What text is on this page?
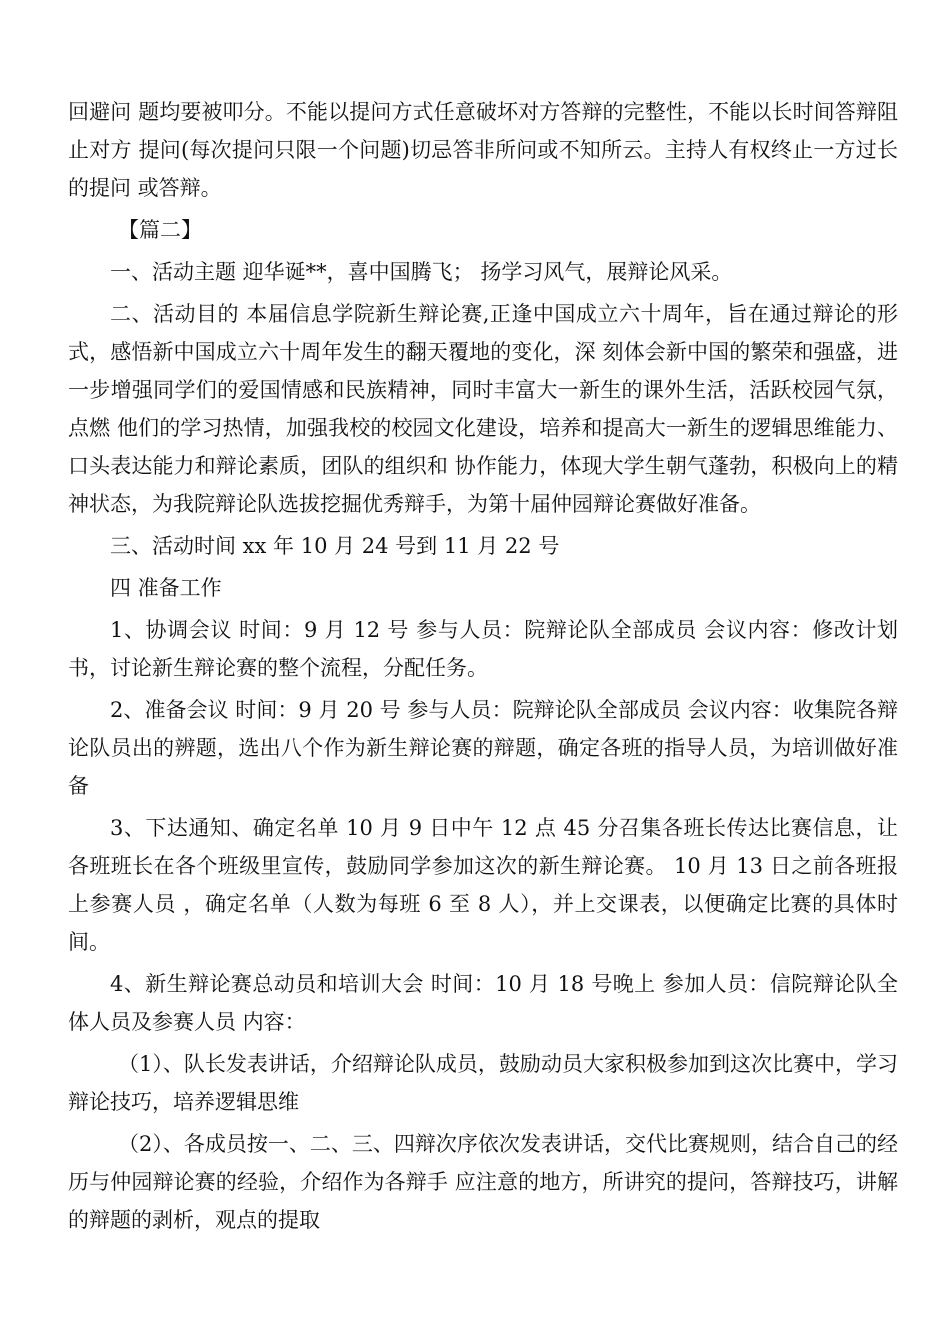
回避问 题均要被叩分。不能以提问方式任意破坏对方答辩的完整性，不能以长时间答辩阻止对方 提问(每次提问只限一个问题)切忌答非所问或不知所云。主持人有权终止一方过长的提问 或答辩。

【篇二】

一、活动主题 迎华诞**，喜中国腾飞； 扬学习风气，展辩论风采。

二、活动目的 本届信息学院新生辩论赛,正逢中国成立六十周年，旨在通过辩论的形式，感悟新中国成立六十周年发生的翻天覆地的变化，深 刻体会新中国的繁荣和强盛，进一步增强同学们的爱国情感和民族精神，同时丰富大一新生的课外生活，活跃校园气氛，点燃 他们的学习热情，加强我校的校园文化建设，培养和提高大一新生的逻辑思维能力、口头表达能力和辩论素质，团队的组织和 协作能力，体现大学生朝气蓬勃，积极向上的精神状态，为我院辩论队选拔挖掘优秀辩手，为第十届仲园辩论赛做好准备。

三、活动时间 xx 年 10 月 24 号到 11 月 22 号

四 准备工作

1、协调会议 时间：9 月 12 号 参与人员：院辩论队全部成员 会议内容：修改计划书，讨论新生辩论赛的整个流程，分配任务。

2、准备会议 时间：9 月 20 号 参与人员：院辩论队全部成员 会议内容：收集院各辩论队员出的辨题，选出八个作为新生辩论赛的辩题，确定各班的指导人员，为培训做好准备

3、下达通知、确定名单 10 月 9 日中午 12 点 45 分召集各班长传达比赛信息，让各班班长在各个班级里宣传，鼓励同学参加这次的新生辩论赛。 10 月 13 日之前各班报上参赛人员 ，确定名单（人数为每班 6 至 8 人），并上交课表，以便确定比赛的具体时间。

4、新生辩论赛总动员和培训大会 时间：10 月 18 号晚上 参加人员：信院辩论队全体人员及参赛人员 内容：

（1）、队长发表讲话，介绍辩论队成员，鼓励动员大家积极参加到这次比赛中，学习辩论技巧，培养逻辑思维

（2）、各成员按一、二、三、四辩次序依次发表讲话，交代比赛规则，结合自己的经历与仲园辩论赛的经验，介绍作为各辩手 应注意的地方，所讲究的提问，答辩技巧，讲解的辩题的剥析，观点的提取
